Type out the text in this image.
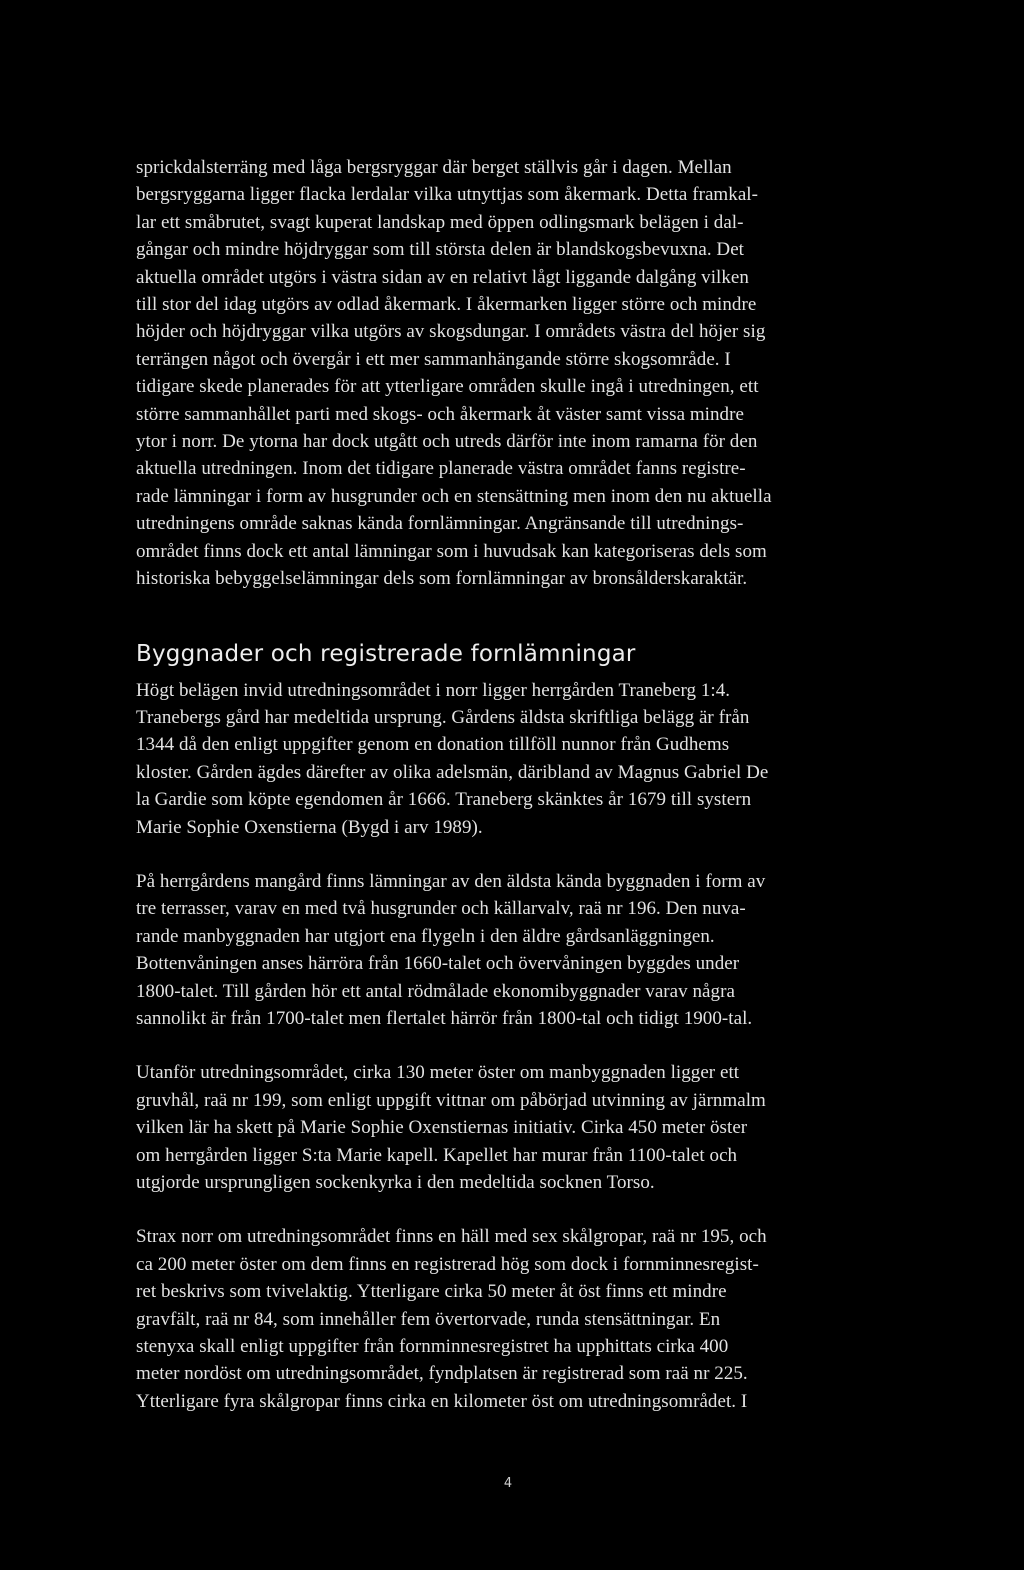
sprickdalsterräng med låga bergsryggar där berget ställvis går i dagen. Mellan
bergsryggarna ligger flacka lerdalar vilka utnyttjas som åkermark. Detta framkal-
lar ett småbrutet, svagt kuperat landskap med öppen odlingsmark belägen i dal-
gångar och mindre höjdryggar som till största delen är blandskogsbevuxna. Det
aktuella området utgörs i västra sidan av en relativt lågt liggande dalgång vilken
till stor del idag utgörs av odlad åkermark. I åkermarken ligger större och mindre
höjder och höjdryggar vilka utgörs av skogsdungar. I områdets västra del höjer sig
terrängen något och övergår i ett mer sammanhängande större skogsområde. I
tidigare skede planerades för att ytterligare områden skulle ingå i utredningen, ett
större sammanhållet parti med skogs- och åkermark åt väster samt vissa mindre
ytor i norr. De ytorna har dock utgått och utreds därför inte inom ramarna för den
aktuella utredningen. Inom det tidigare planerade västra området fanns registre-
rade lämningar i form av husgrunder och en stensättning men inom den nu aktuella
utredningens område saknas kända fornlämningar. Angränsande till utrednings-
området finns dock ett antal lämningar som i huvudsak kan kategoriseras dels som
historiska bebyggelselämningar dels som fornlämningar av bronsålderskaraktär.

Byggnader och registrerade fornlämningar

Högt belägen invid utredningsområdet i norr ligger herrgården Traneberg 1:4.
Tranebergs gård har medeltida ursprung. Gårdens äldsta skriftliga belägg är från
1344 då den enligt uppgifter genom en donation tillföll nunnor från Gudhems
kloster. Gården ägdes därefter av olika adelsmän, däribland av Magnus Gabriel De
la Gardie som köpte egendomen år 1666. Traneberg skänktes år 1679 till systern
Marie Sophie Oxenstierna (Bygd i arv 1989).

På herrgårdens mangård finns lämningar av den äldsta kända byggnaden i form av
tre terrasser, varav en med två husgrunder och källarvalv, raä nr 196. Den nuva-
rande manbyggnaden har utgjort ena flygeln i den äldre gårdsanläggningen.
Bottenvåningen anses härröra från 1660-talet och övervåningen byggdes under
1800-talet. Till gården hör ett antal rödmålade ekonomibyggnader varav några
sannolikt är från 1700-talet men flertalet härrör från 1800-tal och tidigt 1900-tal.

Utanför utredningsområdet, cirka 130 meter öster om manbyggnaden ligger ett
gruvhål, raä nr 199, som enligt uppgift vittnar om påbörjad utvinning av järnmalm
vilken lär ha skett på Marie Sophie Oxenstiernas initiativ. Cirka 450 meter öster
om herrgården ligger S:ta Marie kapell. Kapellet har murar från 1100-talet och
utgjorde ursprungligen sockenkyrka i den medeltida socknen Torso.

Strax norr om utredningsområdet finns en häll med sex skålgropar, raä nr 195, och
ca 200 meter öster om dem finns en registrerad hög som dock i fornminnesregist-
ret beskrivs som tvivelaktig. Ytterligare cirka 50 meter åt öst finns ett mindre
gravfält, raä nr 84, som innehåller fem övertorvade, runda stensättningar. En
stenyxa skall enligt uppgifter från fornminnesregistret ha upphittats cirka 400
meter nordöst om utredningsområdet, fyndplatsen är registrerad som raä nr 225.
Ytterligare fyra skålgropar finns cirka en kilometer öst om utredningsområdet. I

4
